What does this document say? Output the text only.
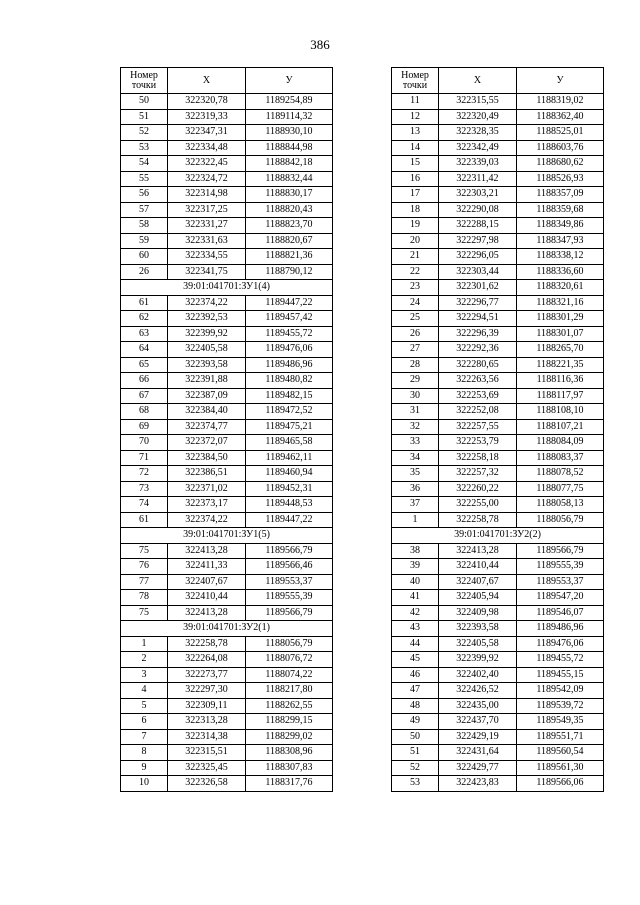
386
Номер
точки	X	У
50	322320,78	1189254,89
51	322319,33	1189114,32
52	322347,31	1188930,10
53	322334,48	1188844,98
54	322322,45	1188842,18
55	322324,72	1188832,44
56	322314,98	1188830,17
57	322317,25	1188820,43
58	322331,27	1188823,70
59	322331,63	1188820,67
60	322334,55	1188821,36
26	322341,75	1188790,12
39:01:041701:ЗУ1(4)		
61	322374,22	1189447,22
62	322392,53	1189457,42
63	322399,92	1189455,72
64	322405,58	1189476,06
65	322393,58	1189486,96
66	322391,88	1189480,82
67	322387,09	1189482,15
68	322384,40	1189472,52
69	322374,77	1189475,21
70	322372,07	1189465,58
71	322384,50	1189462,11
72	322386,51	1189460,94
73	322371,02	1189452,31
74	322373,17	1189448,53
61	322374,22	1189447,22
39:01:041701:ЗУ1(5)		
75	322413,28	1189566,79
76	322411,33	1189566,46
77	322407,67	1189553,37
78	322410,44	1189555,39
75	322413,28	1189566,79
39:01:041701:ЗУ2(1)		
1	322258,78	1188056,79
2	322264,08	1188076,72
3	322273,77	1188074,22
4	322297,30	1188217,80
5	322309,11	1188262,55
6	322313,28	1188299,15
7	322314,38	1188299,02
8	322315,51	1188308,96
9	322325,45	1188307,83
10	322326,58	1188317,76
Номер
точки	X	У
11	322315,55	1188319,02
12	322320,49	1188362,40
13	322328,35	1188525,01
14	322342,49	1188603,76
15	322339,03	1188680,62
16	322311,42	1188526,93
17	322303,21	1188357,09
18	322290,08	1188359,68
19	322288,15	1188349,86
20	322297,98	1188347,93
21	322296,05	1188338,12
22	322303,44	1188336,60
23	322301,62	1188320,61
24	322296,77	1188321,16
25	322294,51	1188301,29
26	322296,39	1188301,07
27	322292,36	1188265,70
28	322280,65	1188221,35
29	322263,56	1188116,36
30	322253,69	1188117,97
31	322252,08	1188108,10
32	322257,55	1188107,21
33	322253,79	1188084,09
34	322258,18	1188083,37
35	322257,32	1188078,52
36	322260,22	1188077,75
37	322255,00	1188058,13
1	322258,78	1188056,79
39:01:041701:ЗУ2(2)		
38	322413,28	1189566,79
39	322410,44	1189555,39
40	322407,67	1189553,37
41	322405,94	1189547,20
42	322409,98	1189546,07
43	322393,58	1189486,96
44	322405,58	1189476,06
45	322399,92	1189455,72
46	322402,40	1189455,15
47	322426,52	1189542,09
48	322435,00	1189539,72
49	322437,70	1189549,35
50	322429,19	1189551,71
51	322431,64	1189560,54
52	322429,77	1189561,30
53	322423,83	1189566,06
